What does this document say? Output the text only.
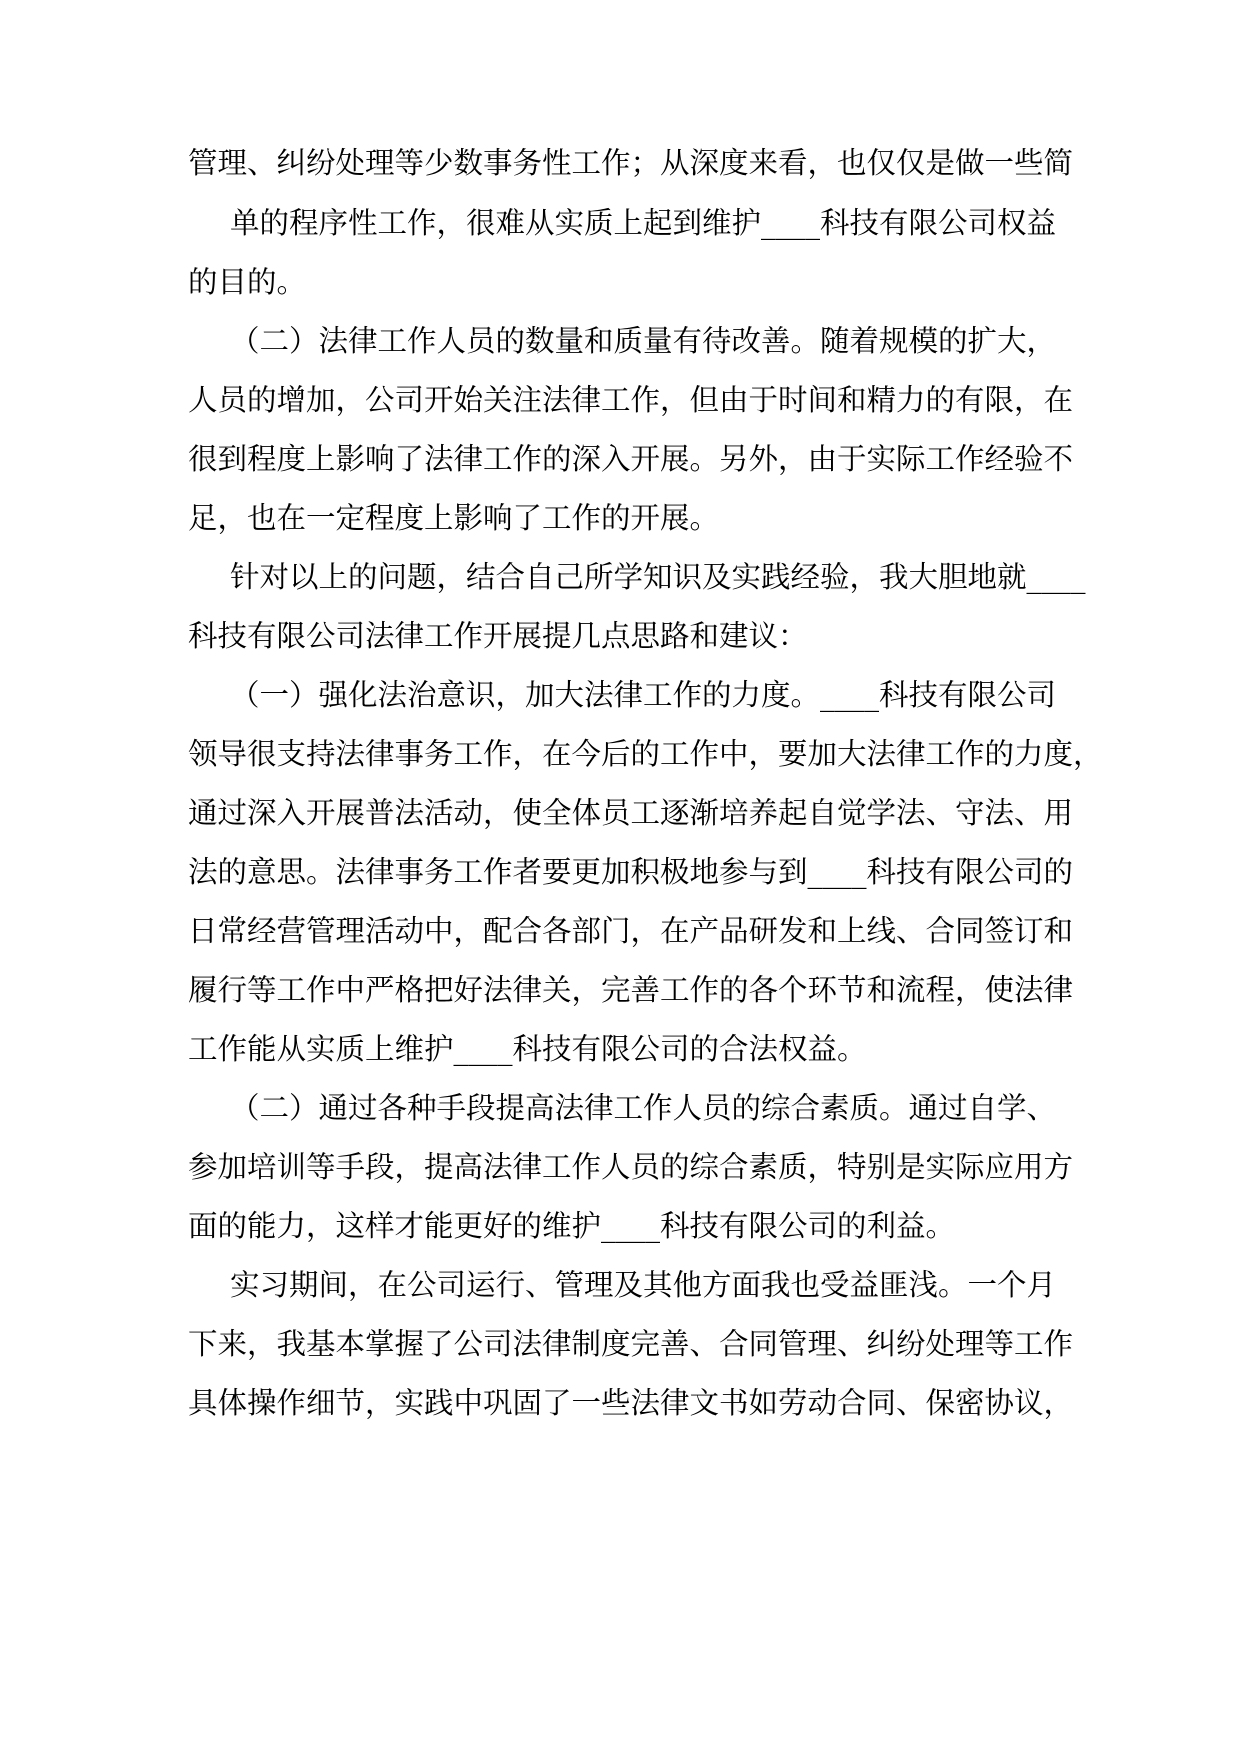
管理、纠纷处理等少数事务性工作；从深度来看，也仅仅是做一些简
单的程序性工作，很难从实质上起到维护____科技有限公司权益
的目的。
（二）法律工作人员的数量和质量有待改善。随着规模的扩大，
人员的增加，公司开始关注法律工作，但由于时间和精力的有限，在
很到程度上影响了法律工作的深入开展。另外，由于实际工作经验不
足，也在一定程度上影响了工作的开展。
针对以上的问题，结合自己所学知识及实践经验，我大胆地就____
科技有限公司法律工作开展提几点思路和建议：
（一）强化法治意识，加大法律工作的力度。____科技有限公司
领导很支持法律事务工作，在今后的工作中，要加大法律工作的力度，
通过深入开展普法活动，使全体员工逐渐培养起自觉学法、守法、用
法的意思。法律事务工作者要更加积极地参与到____科技有限公司的
日常经营管理活动中，配合各部门，在产品研发和上线、合同签订和
履行等工作中严格把好法律关，完善工作的各个环节和流程，使法律
工作能从实质上维护____科技有限公司的合法权益。
（二）通过各种手段提高法律工作人员的综合素质。通过自学、
参加培训等手段，提高法律工作人员的综合素质，特别是实际应用方
面的能力，这样才能更好的维护____科技有限公司的利益。
实习期间，在公司运行、管理及其他方面我也受益匪浅。一个月
下来，我基本掌握了公司法律制度完善、合同管理、纠纷处理等工作
具体操作细节，实践中巩固了一些法律文书如劳动合同、保密协议，
